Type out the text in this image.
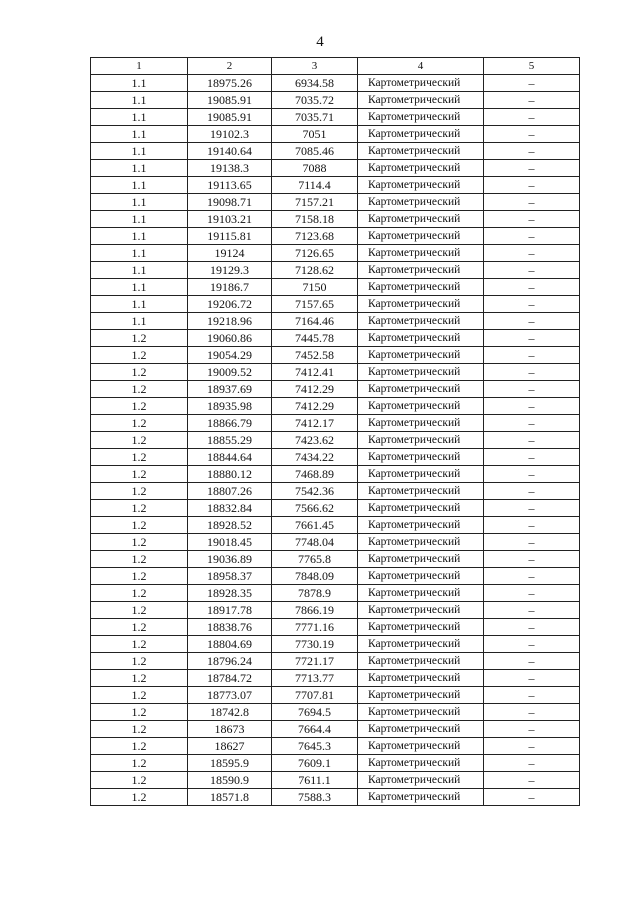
4
1	2	3	4	5
1.1	18975.26	6934.58	Картометрический	–
1.1	19085.91	7035.72	Картометрический	–
1.1	19085.91	7035.71	Картометрический	–
1.1	19102.3	7051	Картометрический	–
1.1	19140.64	7085.46	Картометрический	–
1.1	19138.3	7088	Картометрический	–
1.1	19113.65	7114.4	Картометрический	–
1.1	19098.71	7157.21	Картометрический	–
1.1	19103.21	7158.18	Картометрический	–
1.1	19115.81	7123.68	Картометрический	–
1.1	19124	7126.65	Картометрический	–
1.1	19129.3	7128.62	Картометрический	–
1.1	19186.7	7150	Картометрический	–
1.1	19206.72	7157.65	Картометрический	–
1.1	19218.96	7164.46	Картометрический	–
1.2	19060.86	7445.78	Картометрический	–
1.2	19054.29	7452.58	Картометрический	–
1.2	19009.52	7412.41	Картометрический	–
1.2	18937.69	7412.29	Картометрический	–
1.2	18935.98	7412.29	Картометрический	–
1.2	18866.79	7412.17	Картометрический	–
1.2	18855.29	7423.62	Картометрический	–
1.2	18844.64	7434.22	Картометрический	–
1.2	18880.12	7468.89	Картометрический	–
1.2	18807.26	7542.36	Картометрический	–
1.2	18832.84	7566.62	Картометрический	–
1.2	18928.52	7661.45	Картометрический	–
1.2	19018.45	7748.04	Картометрический	–
1.2	19036.89	7765.8	Картометрический	–
1.2	18958.37	7848.09	Картометрический	–
1.2	18928.35	7878.9	Картометрический	–
1.2	18917.78	7866.19	Картометрический	–
1.2	18838.76	7771.16	Картометрический	–
1.2	18804.69	7730.19	Картометрический	–
1.2	18796.24	7721.17	Картометрический	–
1.2	18784.72	7713.77	Картометрический	–
1.2	18773.07	7707.81	Картометрический	–
1.2	18742.8	7694.5	Картометрический	–
1.2	18673	7664.4	Картометрический	–
1.2	18627	7645.3	Картометрический	–
1.2	18595.9	7609.1	Картометрический	–
1.2	18590.9	7611.1	Картометрический	–
1.2	18571.8	7588.3	Картометрический	–
